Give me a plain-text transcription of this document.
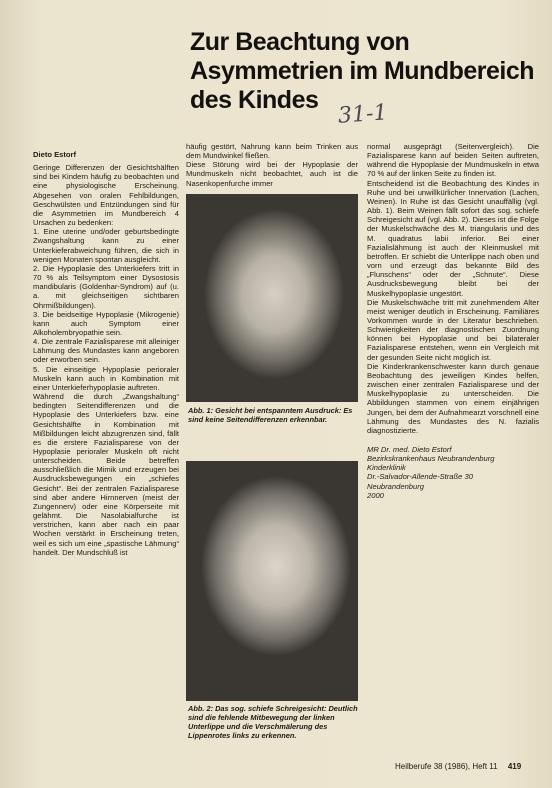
Zur Beachtung von
Asymmetrien im Mundbereich
des Kindes
31-1

Dieto Estorf

Geringe Differenzen der Gesichtshälften sind bei Kindern häufig zu beobachten und eine physiologische Erscheinung. Abgesehen von oralen Fehlbildungen, Geschwülsten und Entzündungen sind für die Asymmetrien im Mundbereich 4 Ursachen zu bedenken:

1. Eine uterine und/oder geburtsbedingte Zwangshaltung kann zu einer Unterkieferabweichung führen, die sich in wenigen Monaten spontan ausgleicht.

2. Die Hypoplasie des Unterkiefers tritt in 70 % als Teilsymptom einer Dysostosis mandibularis (Goldenhar-Syndrom) auf (u. a. mit gleichseitigen sichtbaren Ohrmißbildungen).

3. Die beidseitige Hypoplasie (Mikrogenie) kann auch Symptom einer Alkoholembryopathie sein.

4. Die zentrale Fazialisparese mit alleiniger Lähmung des Mundastes kann angeboren oder erworben sein.

5. Die einseitige Hypoplasie perioraler Muskeln kann auch in Kombination mit einer Unterkieferhypoplasie auftreten.

Während die durch „Zwangshaltung“ bedingten Seitendifferenzen und die Hypoplasie des Unterkiefers bzw. eine Gesichtshälfte in Kombination mit Mißbildungen leicht abzugrenzen sind, fällt es die erstere Fazialisparese von der Hypoplasie perioraler Muskeln oft nicht unterscheiden. Beide betreffen ausschließlich die Mimik und erzeugen bei Ausdrucksbewegungen ein „schiefes Gesicht“. Bei der zentralen Fazialisparese sind aber andere Hirnnerven (meist der Zungennerv) oder eine Körperseite mit gelähmt. Die Nasolabialfurche ist verstrichen, kann aber nach ein paar Wochen verstärkt in Erscheinung treten, weil es sich um eine „spastische Lähmung“ handelt. Der Mundschluß ist

häufig gestört, Nahrung kann beim Trinken aus dem Mundwinkel fließen.

Diese Störung wird bei der Hypoplasie der Mundmuskeln nicht beobachtet, auch ist die Nasenkopenfurche immer

Abb. 1: Gesicht bei entspanntem Ausdruck: Es sind keine Seitendifferenzen erkennbar.
Abb. 2: Das sog. schiefe Schreigesicht: Deutlich sind die fehlende Mitbewegung der linken Unterlippe und die Verschmälerung des Lippenrotes links zu erkennen.

normal ausgeprägt (Seitenvergleich). Die Fazialisparese kann auf beiden Seiten auftreten, während die Hypoplasie der Mundmuskeln in etwa 70 % auf der linken Seite zu finden ist.

Entscheidend ist die Beobachtung des Kindes in Ruhe und bei unwillkürlicher Innervation (Lachen, Weinen). In Ruhe ist das Gesicht unauffällig (vgl. Abb. 1). Beim Weinen fällt sofort das sog. schiefe Schreigesicht auf (vgl. Abb. 2). Dieses ist die Folge der Muskelschwäche des M. triangularis und des M. quadratus labii inferior. Bei einer Fazialislähmung ist auch der Kleinmuskel mit betroffen. Er schiebt die Unterlippe nach oben und vorn und erzeugt das bekannte Bild des „Flunschens“ oder der „Schnute“. Diese Ausdrucksbewegung bleibt bei der Muskelhypoplasie ungestört.

Die Muskelschwäche tritt mit zunehmendem Alter meist weniger deutlich in Erscheinung. Familiäres Vorkommen wurde in der Literatur beschrieben. Schwierigkeiten der diagnostischen Zuordnung können bei Hypoplasie und bei bilateraler Fazialisparese entstehen, wenn ein Vergleich mit der gesunden Seite nicht möglich ist.

Die Kinderkrankenschwester kann durch genaue Beobachtung des jeweiligen Kindes helfen, zwischen einer zentralen Fazialisparese und der Muskelhypoplasie zu unterscheiden. Die Abbildungen stammen von einem einjährigen Jungen, bei dem der Aufnahmearzt vorschnell eine Lähmung des Mundastes des N. fazialis diagnostizierte.

MR Dr. med. Dieto Estorf

Bezirkskrankenhaus Neubrandenburg

Kinderklinik

Dr.-Salvador-Allende-Straße 30

Neubrandenburg

2000

Heilberufe 38 (1986), Heft 11 419
